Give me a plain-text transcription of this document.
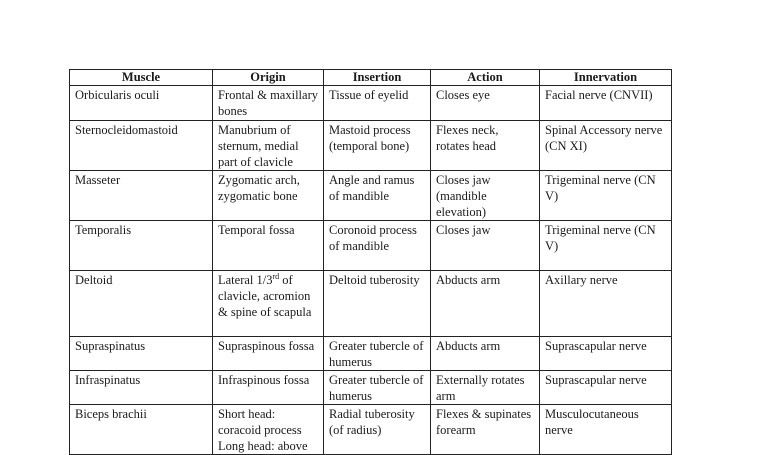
Muscle	Origin	Insertion	Action	Innervation
Orbicularis oculi	Frontal & maxillary bones	Tissue of eyelid	Closes eye	Facial nerve (CNVII)
Sternocleidomastoid	Manubrium of sternum, medial part of clavicle	Mastoid process (temporal bone)	Flexes neck, rotates head	Spinal Accessory nerve (CN XI)
Masseter	Zygomatic arch, zygomatic bone	Angle and ramus of mandible	Closes jaw (mandible elevation)	Trigeminal nerve (CN V)
Temporalis	Temporal fossa	Coronoid process of mandible	Closes jaw	Trigeminal nerve (CN V)
Deltoid	Lateral 1/3rd of clavicle, acromion & spine of scapula	Deltoid tuberosity	Abducts arm	Axillary nerve
Supraspinatus	Supraspinous fossa	Greater tubercle of humerus	Abducts arm	Suprascapular nerve
Infraspinatus	Infraspinous fossa	Greater tubercle of humerus	Externally rotates arm	Suprascapular nerve
Biceps brachii	Short head: coracoid process Long head: above	Radial tuberosity (of radius)	Flexes & supinates forearm	Musculocutaneous nerve
